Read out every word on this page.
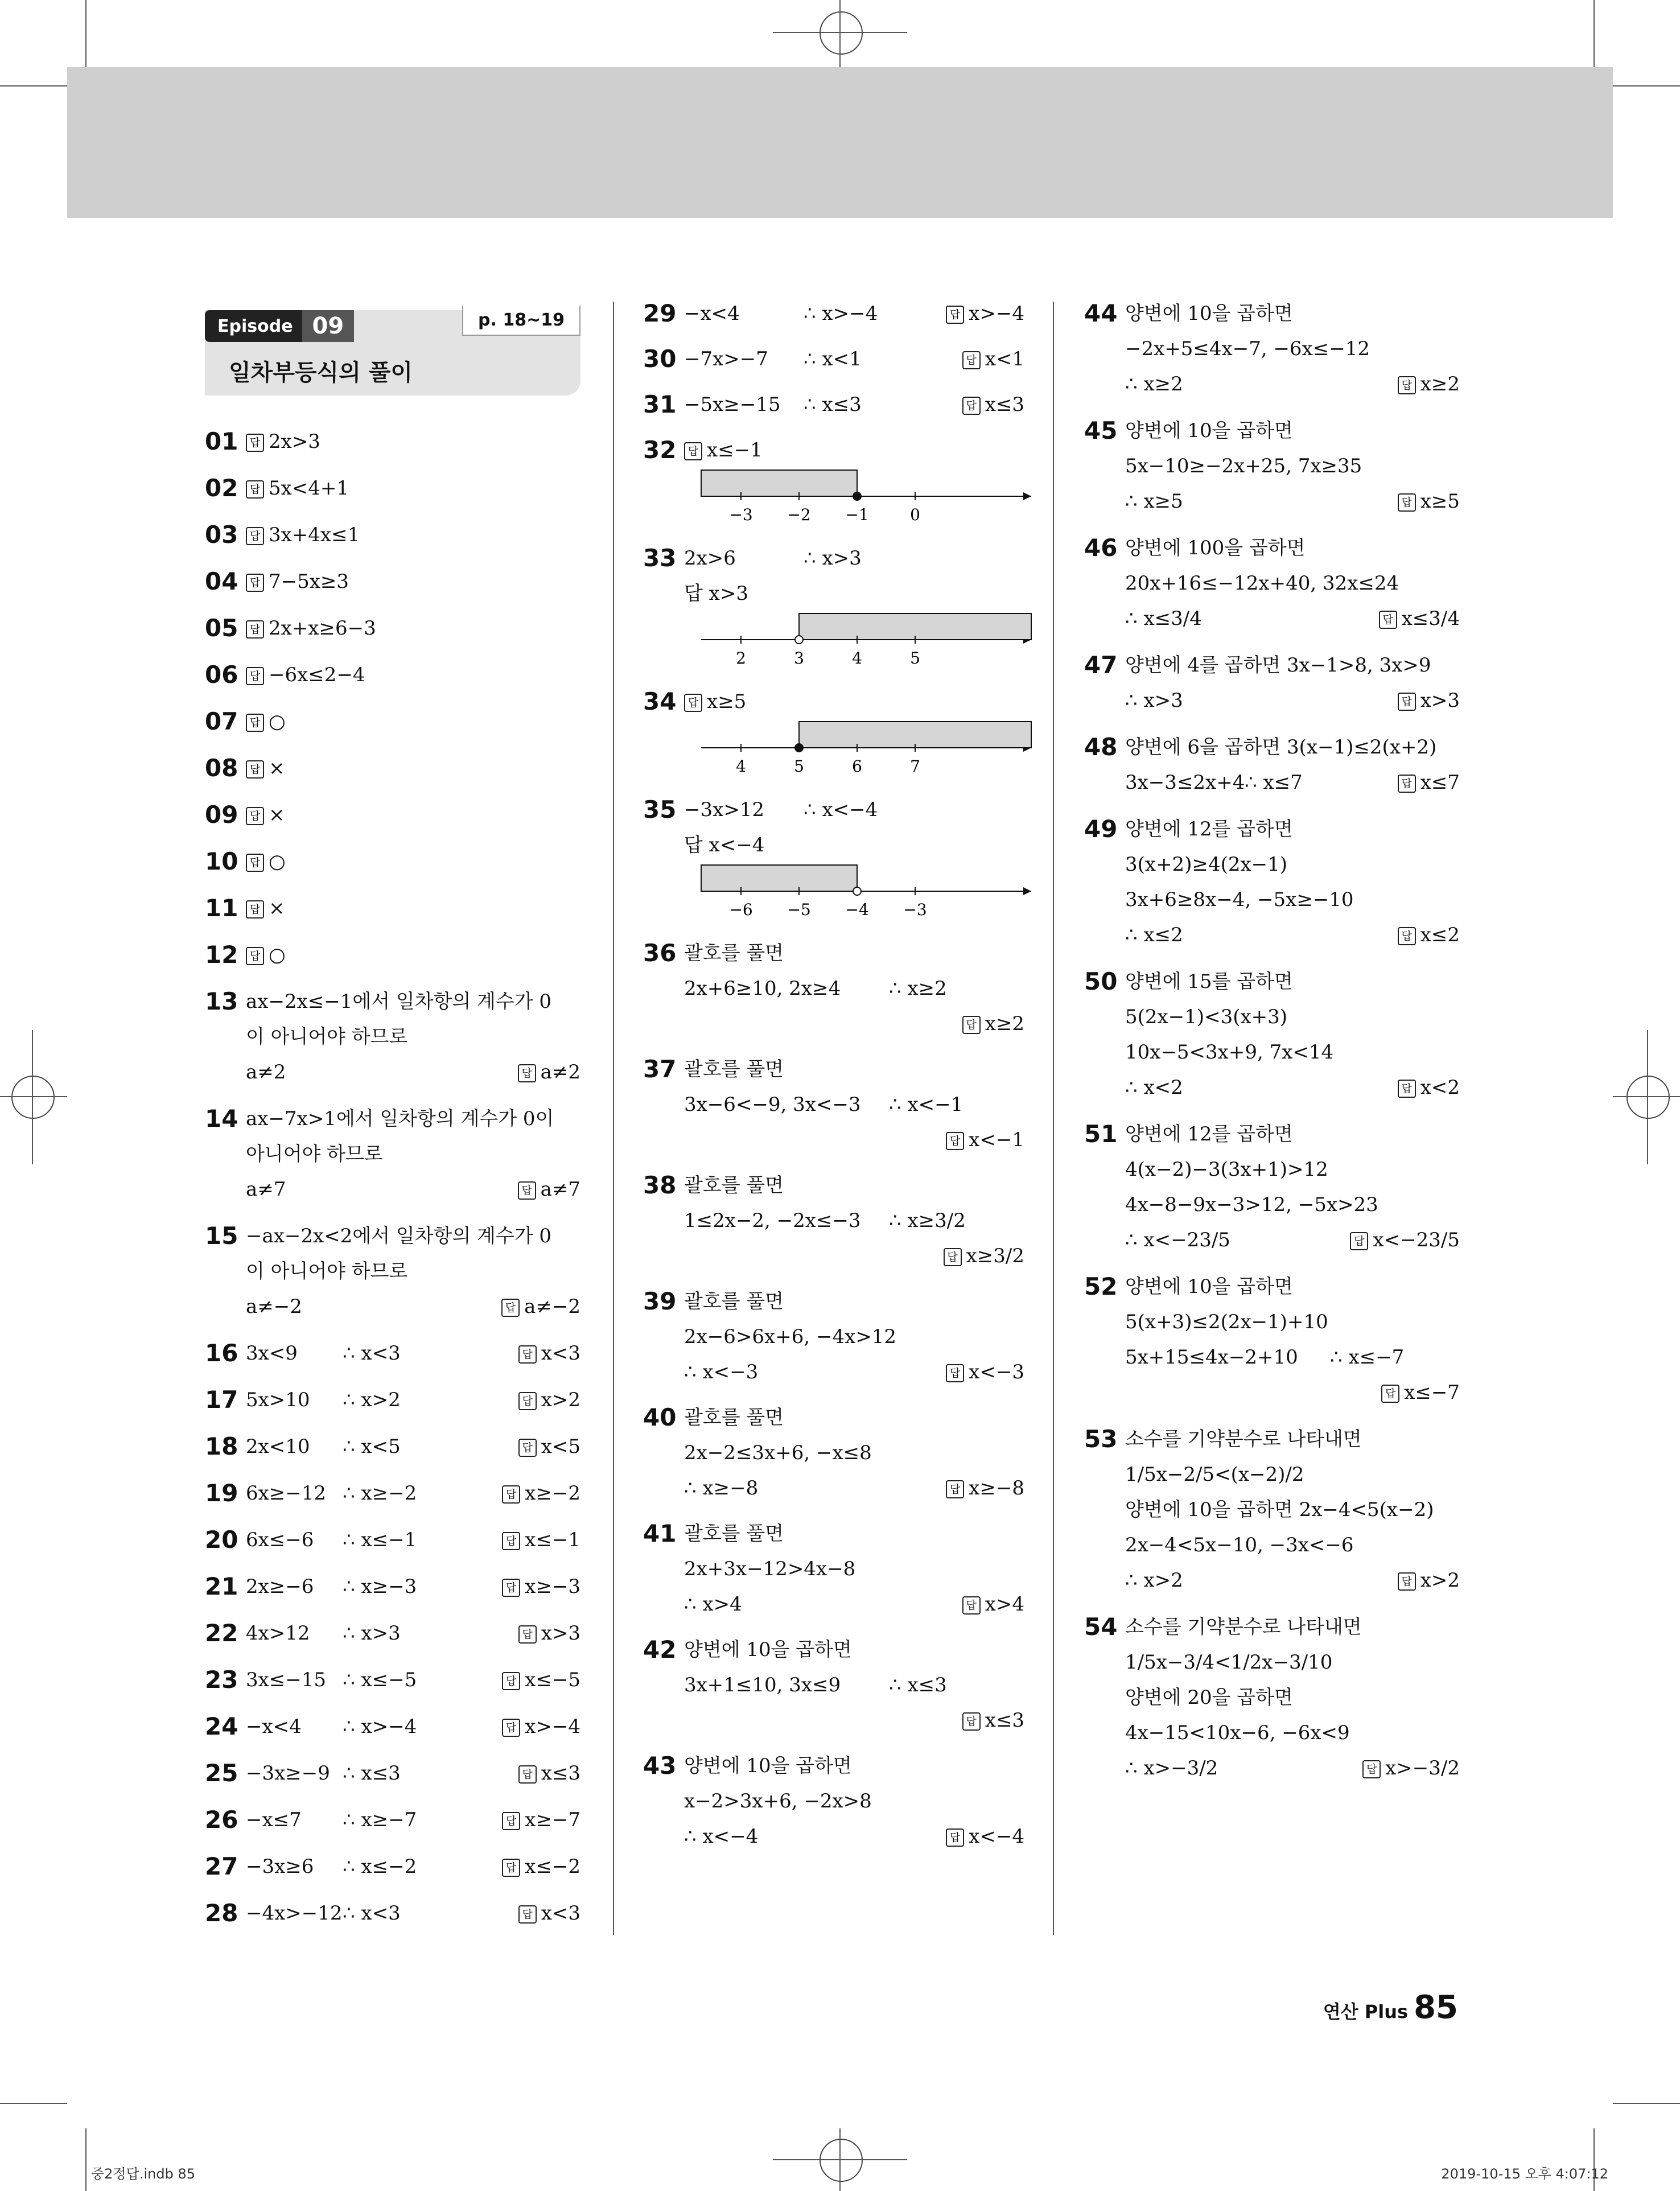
Episode 09	p. 18~19
일차부등식의 풀이
01	답 2x>3
02	답 5x<4+1
03	답 3x+4x≤1
04	답 7−5x≥3
05	답 2x+x≥6−3
06	답 −6x≤2−4
07	답 ○
08	답 ×
09	답 ×
10	답 ○
11	답 ×
12	답 ○
13 ax−2x≤−1에서 일차항의 계수가 0
이 아니어야 하므로
a≠2	답 a≠2
14 ax−7x>1에서 일차항의 계수가 0이
아니어야 하므로
a≠7	답 a≠7
15 −ax−2x<2에서 일차항의 계수가 0
이 아니어야 하므로
a≠−2	답 a≠−2
16 3x<9 ∴ x<3	답 x<3
17 5x>10 ∴ x>2	답 x>2
18 2x<10 ∴ x<5	답 x<5
19 6x≥−12 ∴ x≥−2	답 x≥−2
20 6x≤−6 ∴ x≤−1	답 x≤−1
21 2x≥−6 ∴ x≥−3	답 x≥−3
22 4x>12 ∴ x>3	답 x>3
23 3x≤−15 ∴ x≤−5	답 x≤−5
24 −x<4 ∴ x>−4	답 x>−4
25 −3x≥−9 ∴ x≤3	답 x≤3
26 −x≤7 ∴ x≥−7	답 x≥−7
27 −3x≥6 ∴ x≤−2	답 x≤−2
28 −4x>−12 ∴ x<3	답 x<3
29 −x<4	∴ x>−4	답 x>−4
30 −7x>−7 ∴ x<1	답 x<1
31 −5x≥−15 ∴ x≤3	답 x≤3
32	답 x≤−1
−3 −2 −1	0
33 2x>6	∴ x>3
답 x>3
2	3	4	5
34	답 x≥5
4	5	6	7
35 −3x>12 ∴ x<−4
답 x<−4
−6 −5 −4 −3
36 괄호를 풀면
2x+6≥10, 2x≥4 ∴ x≥2
답 x≥2
37 괄호를 풀면
3x−6<−9, 3x<−3 ∴ x<−1
답 x<−1
38 괄호를 풀면
1≤2x−2, −2x≤−3 ∴ x≥3/2
답 x≥3/2
39 괄호를 풀면
2x−6>6x+6, −4x>12
∴ x<−3	답 x<−3
40 괄호를 풀면
2x−2≤3x+6, −x≤8
∴ x≥−8	답 x≥−8
41 괄호를 풀면
2x+3x−12>4x−8
∴ x>4	답 x>4
42 양변에 10을 곱하면
3x+1≤10, 3x≤9 ∴ x≤3
답 x≤3
43 양변에 10을 곱하면
x−2>3x+6, −2x>8
∴ x<−4	답 x<−4
44 양변에 10을 곱하면
−2x+5≤4x−7, −6x≤−12
∴ x≥2	답 x≥2
45 양변에 10을 곱하면
5x−10≥−2x+25, 7x≥35
∴ x≥5	답 x≥5
46 양변에 100을 곱하면
20x+16≤−12x+40, 32x≤24
∴ x≤3/4	답 x≤3/4
47 양변에 4를 곱하면 3x−1>8, 3x>9
∴ x>3	답 x>3
48 양변에 6을 곱하면 3(x−1)≤2(x+2)
3x−3≤2x+4 ∴ x≤7	답 x≤7
49 양변에 12를 곱하면
3(x+2)≥4(2x−1)
3x+6≥8x−4, −5x≥−10
∴ x≤2	답 x≤2
50 양변에 15를 곱하면
5(2x−1)<3(x+3)
10x−5<3x+9, 7x<14
∴ x<2	답 x<2
51 양변에 12를 곱하면
4(x−2)−3(3x+1)>12
4x−8−9x−3>12, −5x>23
∴ x<−23/5	답 x<−23/5
52 양변에 10을 곱하면
5(x+3)≤2(2x−1)+10
5x+15≤4x−2+10 ∴ x≤−7
답 x≤−7
53 소수를 기약분수로 나타내면
1/5x−2/5<(x−2)/2
양변에 10을 곱하면 2x−4<5(x−2)
2x−4<5x−10, −3x<−6
∴ x>2	답 x>2
54 소수를 기약분수로 나타내면
1/5x−3/4<1/2x−3/10
양변에 20을 곱하면
4x−15<10x−6, −6x<9
∴ x>−3/2	답 x>−3/2
연산 Plus 85
중2정답.indb 85	2019-10-15 오후 4:07:12
